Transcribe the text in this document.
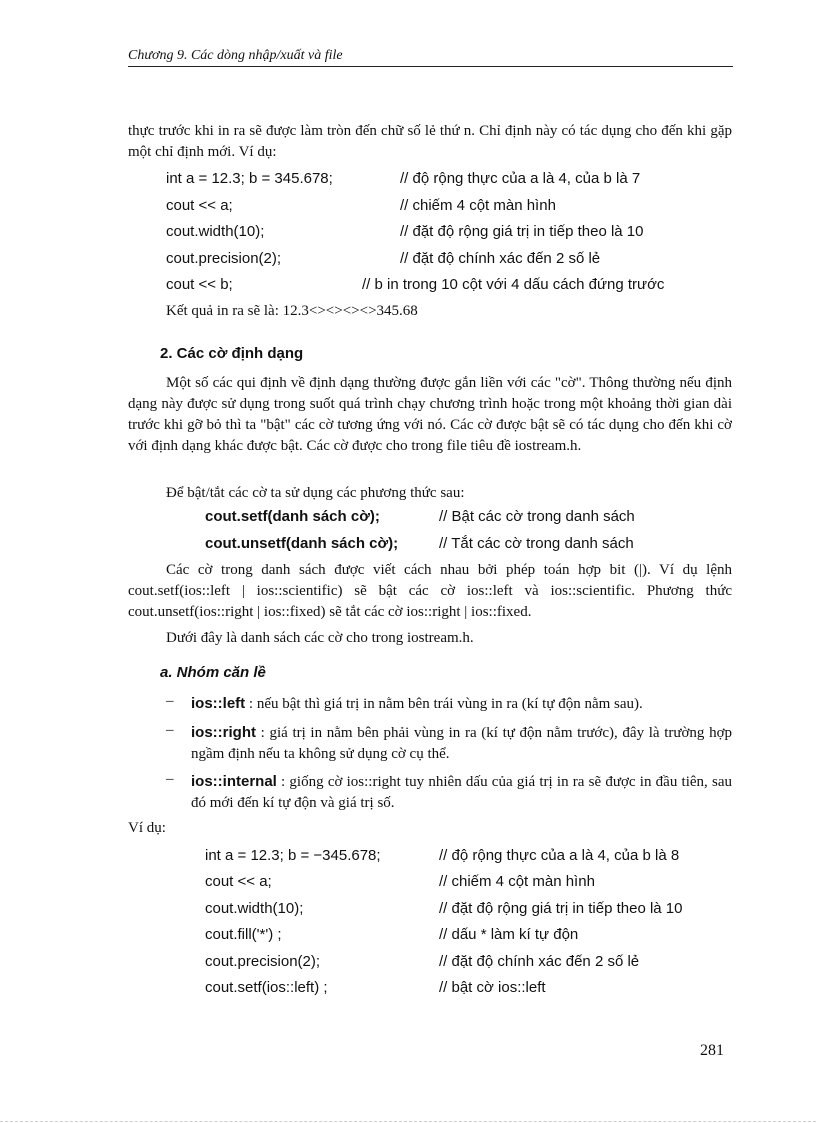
Chương 9. Các dòng nhập/xuất và file
thực trước khi in ra sẽ được làm tròn đến chữ số lẻ thứ n. Chỉ định này có tác dụng cho đến khi gặp một chỉ định mới. Ví dụ:
int a = 12.3; b = 345.678;	// độ rộng thực của a là 4, của b là 7
cout << a;	// chiếm 4 cột màn hình
cout.width(10);	// đặt độ rộng giá trị in tiếp theo là 10
cout.precision(2);	// đặt độ chính xác đến 2 số lẻ
cout << b;	// b in trong 10 cột với 4 dấu cách đứng trước
Kết quả in ra sẽ là: 12.3<><><><>345.68
2. Các cờ định dạng
Một số các qui định về định dạng thường được gắn liền với các "cờ". Thông thường nếu định dạng này được sử dụng trong suốt quá trình chạy chương trình hoặc trong một khoảng thời gian dài trước khi gỡ bỏ thì ta "bật" các cờ tương ứng với nó. Các cờ được bật sẽ có tác dụng cho đến khi cờ với định dạng khác được bật. Các cờ được cho trong file tiêu đề iostream.h.
Để bật/tắt các cờ ta sử dụng các phương thức sau:
cout.setf(danh sách cờ);	// Bật các cờ trong danh sách
cout.unsetf(danh sách cờ);	// Tắt các cờ trong danh sách
Các cờ trong danh sách được viết cách nhau bởi phép toán hợp bit (|). Ví dụ lệnh cout.setf(ios::left | ios::scientific) sẽ bật các cờ ios::left và ios::scientific. Phương thức cout.unsetf(ios::right | ios::fixed) sẽ tắt các cờ ios::right | ios::fixed.
Dưới đây là danh sách các cờ cho trong iostream.h.
a. Nhóm căn lề
– ios::left : nếu bật thì giá trị in nằm bên trái vùng in ra (kí tự độn nằm sau).
– ios::right : giá trị in nằm bên phải vùng in ra (kí tự độn nằm trước), đây là trường hợp ngầm định nếu ta không sử dụng cờ cụ thể.
– ios::internal : giống cờ ios::right tuy nhiên dấu của giá trị in ra sẽ được in đầu tiên, sau đó mới đến kí tự độn và giá trị số.
Ví dụ:
int a = 12.3; b = −345.678;	// độ rộng thực của a là 4, của b là 8
cout << a;	// chiếm 4 cột màn hình
cout.width(10);	// đặt độ rộng giá trị in tiếp theo là 10
cout.fill('*') ;	// dấu * làm kí tự độn
cout.precision(2);	// đặt độ chính xác đến 2 số lẻ
cout.setf(ios::left) ;	// bật cờ ios::left
281
